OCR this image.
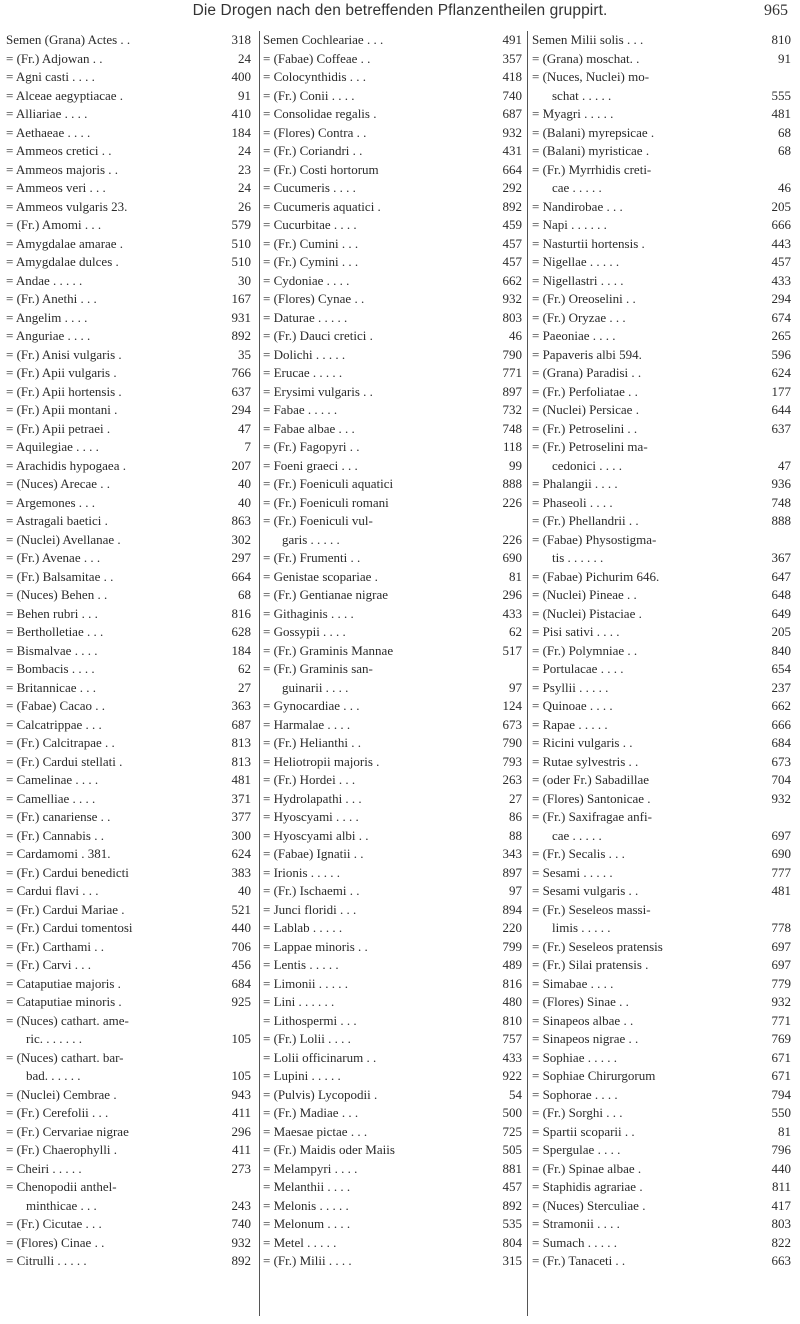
Die Drogen nach den betreffenden Pflanzentheilen gruppirt.	965
Semen (Grana) Actes . .	318
= (Fr.) Adjowan . .	24
= Agni casti . . . .	400
= Alceae aegyptiacae .	91
= Alliariae . . . .	410
= Aethaeae . . . .	184
= Ammeos cretici . .	24
= Ammeos majoris . .	23
= Ammeos veri . . .	24
= Ammeos vulgaris 23.	26
= (Fr.) Amomi . . .	579
= Amygdalae amarae .	510
= Amygdalae dulces .	510
= Andae . . . . .	30
= (Fr.) Anethi . . .	167
= Angelim . . . .	931
= Anguriae . . . .	892
= (Fr.) Anisi vulgaris .	35
= (Fr.) Apii vulgaris .	766
= (Fr.) Apii hortensis .	637
= (Fr.) Apii montani .	294
= (Fr.) Apii petraei .	47
= Aquilegiae . . . .	7
= Arachidis hypogaea .	207
= (Nuces) Arecae . .	40
= Argemones . . .	40
= Astragali baetici .	863
= (Nuclei) Avellanae .	302
= (Fr.) Avenae . . .	297
= (Fr.) Balsamitae . .	664
= (Nuces) Behen . .	68
= Behen rubri . . .	816
= Bertholletiae . . .	628
= Bismalvae . . . .	184
= Bombacis . . . .	62
= Britannicae . . .	27
= (Fabae) Cacao . .	363
= Calcatrippae . . .	687
= (Fr.) Calcitrapae . .	813
= (Fr.) Cardui stellati .	813
= Camelinae . . . .	481
= Camelliae . . . .	371
= (Fr.) canariense . .	377
= (Fr.) Cannabis . .	300
= Cardamomi . 381.	624
= (Fr.) Cardui benedicti	383
= Cardui flavi . . .	40
= (Fr.) Cardui Mariae .	521
= (Fr.) Cardui tomentosi	440
= (Fr.) Carthami . .	706
= (Fr.) Carvi . . .	456
= Cataputiae majoris .	684
= Cataputiae minoris .	925
= (Nuces) cathart. ame-
ric. . . . . . .	105
= (Nuces) cathart. bar-
bad. . . . . .	105
= (Nuclei) Cembrae .	943
= (Fr.) Cerefolii . . .	411
= (Fr.) Cervariae nigrae	296
= (Fr.) Chaerophylli .	411
= Cheiri . . . . .	273
= Chenopodii anthel-
minthicae . . .	243
= (Fr.) Cicutae . . .	740
= (Flores) Cinae . .	932
= Citrulli . . . . .	892
Semen Cochleariae . . .	491
= (Fabae) Coffeae . .	357
= Colocynthidis . . .	418
= (Fr.) Conii . . . .	740
= Consolidae regalis .	687
= (Flores) Contra . .	932
= (Fr.) Coriandri . .	431
= (Fr.) Costi hortorum	664
= Cucumeris . . . .	292
= Cucumeris aquatici .	892
= Cucurbitae . . . .	459
= (Fr.) Cumini . . .	457
= (Fr.) Cymini . . .	457
= Cydoniae . . . .	662
= (Flores) Cynae . .	932
= Daturae . . . . .	803
= (Fr.) Dauci cretici .	46
= Dolichi . . . . .	790
= Erucae . . . . .	771
= Erysimi vulgaris . .	897
= Fabae . . . . .	732
= Fabae albae . . .	748
= (Fr.) Fagopyri . .	118
= Foeni graeci . . .	99
= (Fr.) Foeniculi aquatici	888
= (Fr.) Foeniculi romani	226
= (Fr.) Foeniculi vul-
garis . . . . .	226
= (Fr.) Frumenti . .	690
= Genistae scopariae .	81
= (Fr.) Gentianae nigrae	296
= Githaginis . . . .	433
= Gossypii . . . .	62
= (Fr.) Graminis Mannae	517
= (Fr.) Graminis san-
guinarii . . . .	97
= Gynocardiae . . .	124
= Harmalae . . . .	673
= (Fr.) Helianthi . .	790
= Heliotropii majoris .	793
= (Fr.) Hordei . . .	263
= Hydrolapathi . . .	27
= Hyoscyami . . . .	86
= Hyoscyami albi . .	88
= (Fabae) Ignatii . .	343
= Irionis . . . . .	897
= (Fr.) Ischaemi . .	97
= Junci floridi . . .	894
= Lablab . . . . .	220
= Lappae minoris . .	799
= Lentis . . . . .	489
= Limonii . . . . .	816
= Lini . . . . . .	480
= Lithospermi . . .	810
= (Fr.) Lolii . . . .	757
= Lolii officinarum . .	433
= Lupini . . . . .	922
= (Pulvis) Lycopodii .	54
= (Fr.) Madiae . . .	500
= Maesae pictae . . .	725
= (Fr.) Maidis oder Maiis	505
= Melampyri . . . .	881
= Melanthii . . . .	457
= Melonis . . . . .	892
= Melonum . . . .	535
= Metel . . . . .	804
= (Fr.) Milii . . . .	315
Semen Milii solis . . .	810
= (Grana) moschat. .	91
= (Nuces, Nuclei) mo-
schat . . . . .	555
= Myagri . . . . .	481
= (Balani) myrepsicae .	68
= (Balani) myristicae .	68
= (Fr.) Myrrhidis creti-
cae . . . . .	46
= Nandirobae . . .	205
= Napi . . . . . .	666
= Nasturtii hortensis .	443
= Nigellae . . . . .	457
= Nigellastri . . . .	433
= (Fr.) Oreoselini . .	294
= (Fr.) Oryzae . . .	674
= Paeoniae . . . .	265
= Papaveris albi 594.	596
= (Grana) Paradisi . .	624
= (Fr.) Perfoliatae . .	177
= (Nuclei) Persicae .	644
= (Fr.) Petroselini . .	637
= (Fr.) Petroselini ma-
cedonici . . . .	47
= Phalangii . . . .	936
= Phaseoli . . . .	748
= (Fr.) Phellandrii . .	888
= (Fabae) Physostigma-
tis . . . . . .	367
= (Fabae) Pichurim 646.	647
= (Nuclei) Pineae . .	648
= (Nuclei) Pistaciae .	649
= Pisi sativi . . . .	205
= (Fr.) Polymniae . .	840
= Portulacae . . . .	654
= Psyllii . . . . .	237
= Quinoae . . . .	662
= Rapae . . . . .	666
= Ricini vulgaris . .	684
= Rutae sylvestris . .	673
= (oder Fr.) Sabadillae	704
= (Flores) Santonicae .	932
= (Fr.) Saxifragae anfi-
cae . . . . .	697
= (Fr.) Secalis . . .	690
= Sesami . . . . .	777
= Sesami vulgaris . .	481
= (Fr.) Seseleos massi-
limis . . . . .	778
= (Fr.) Seseleos pratensis	697
= (Fr.) Silai pratensis .	697
= Simabae . . . .	779
= (Flores) Sinae . .	932
= Sinapeos albae . .	771
= Sinapeos nigrae . .	769
= Sophiae . . . . .	671
= Sophiae Chirurgorum	671
= Sophorae . . . .	794
= (Fr.) Sorghi . . .	550
= Spartii scoparii . .	81
= Spergulae . . . .	796
= (Fr.) Spinae albae .	440
= Staphidis agrariae .	811
= (Nuces) Sterculiae .	417
= Stramonii . . . .	803
= Sumach . . . . .	822
= (Fr.) Tanaceti . .	663
